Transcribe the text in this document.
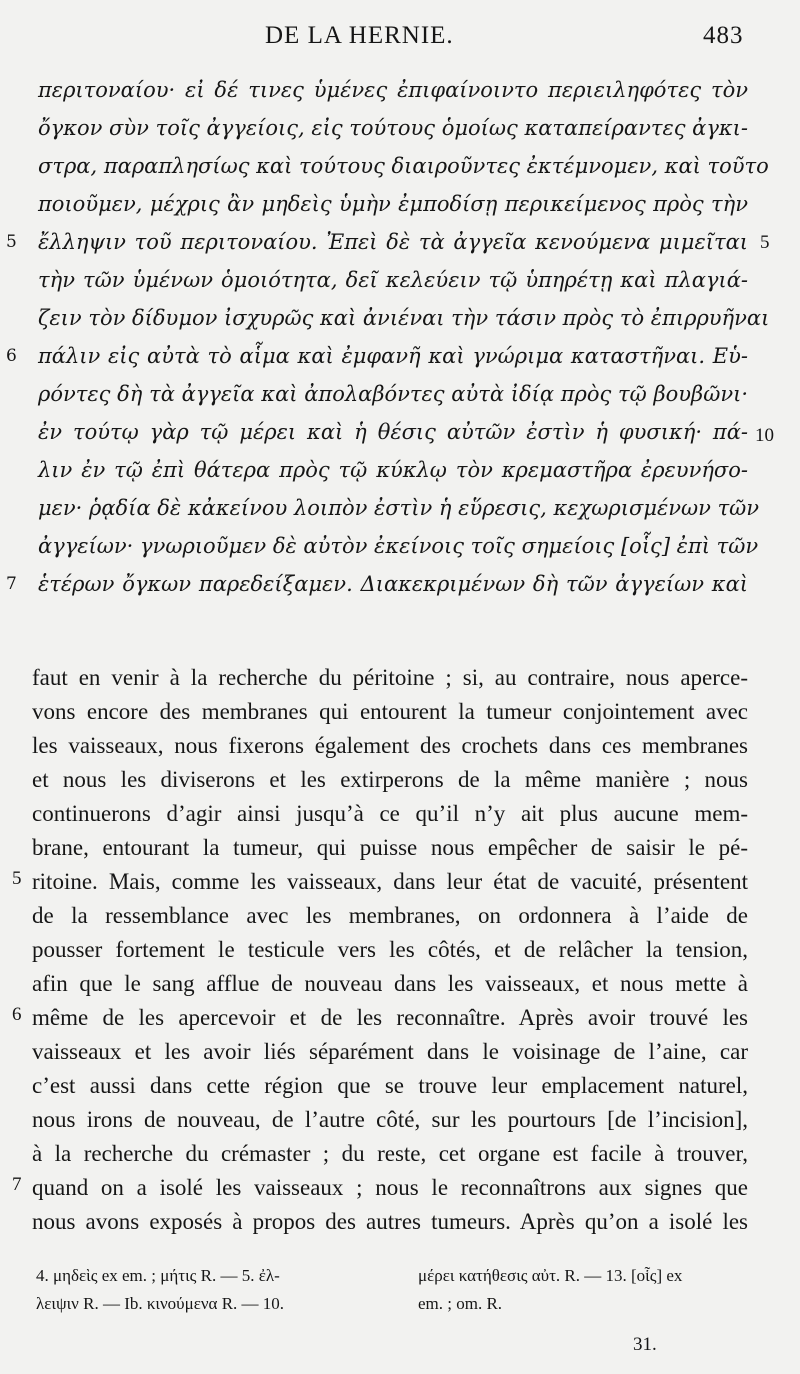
DE LA HERNIE.	483
περιτοναίου· εἰ δέ τινες ὑμένες ἐπιφαίνοιντο περιειληφότες τὸν
ὄγκον σὺν τοῖς ἀγγείοις, εἰς τούτους ὁμοίως καταπείραντες ἀγκι-
στρα, παραπλησίως καὶ τούτους διαιροῦντες ἐκτέμνομεν, καὶ τοῦτο
ποιοῦμεν, μέχρις ἂν μηδεὶς ὑμὴν ἐμποδίσῃ περικείμενος πρὸς τὴν
5 ἔλληψιν τοῦ περιτοναίου. Ἐπεὶ δὲ τὰ ἀγγεῖα κενούμενα μιμεῖται
τὴν τῶν ὑμένων ὁμοιότητα, δεῖ κελεύειν τῷ ὑπηρέτῃ καὶ πλαγιά-
ζειν τὸν δίδυμον ἰσχυρῶς καὶ ἀνιέναι τὴν τάσιν πρὸς τὸ ἐπιρρυῆναι
6 πάλιν εἰς αὐτὰ τὸ αἷμα καὶ ἐμφανῆ καὶ γνώριμα καταστῆναι. Εὑ-
ρόντες δὴ τὰ ἀγγεῖα καὶ ἀπολαβόντες αὐτὰ ἰδίᾳ πρὸς τῷ βουβῶνι·
ἐν τούτῳ γὰρ τῷ μέρει καὶ ἡ θέσις αὐτῶν ἐστὶν ἡ φυσική· πά-
λιν ἐν τῷ ἐπὶ θάτερα πρὸς τῷ κύκλῳ τὸν κρεμαστῆρα ἐρευνήσο-
μεν· ῥᾳδία δὲ κἀκείνου λοιπὸν ἐστὶν ἡ εὕρεσις, κεχωρισμένων τῶν
ἀγγείων· γνωριοῦμεν δὲ αὐτὸν ἐκείνοις τοῖς σημείοις [οἷς] ἐπὶ τῶν
7 ἑτέρων ὄγκων παρεδείξαμεν. Διακεκριμένων δὴ τῶν ἀγγείων καὶ
5
10
faut en venir à la recherche du péritoine ; si, au contraire, nous aperce-
vons encore des membranes qui entourent la tumeur conjointement avec
les vaisseaux, nous fixerons également des crochets dans ces membranes
et nous les diviserons et les extirperons de la même manière ; nous
continuerons d’agir ainsi jusqu’à ce qu’il n’y ait plus aucune mem-
brane, entourant la tumeur, qui puisse nous empêcher de saisir le pé-
ritoine. Mais, comme les vaisseaux, dans leur état de vacuité, présentent
de la ressemblance avec les membranes, on ordonnera à l’aide de
pousser fortement le testicule vers les côtés, et de relâcher la tension,
afin que le sang afflue de nouveau dans les vaisseaux, et nous mette à
même de les apercevoir et de les reconnaître. Après avoir trouvé les
vaisseaux et les avoir liés séparément dans le voisinage de l’aine, car
c’est aussi dans cette région que se trouve leur emplacement naturel,
nous irons de nouveau, de l’autre côté, sur les pourtours [de l’incision],
à la recherche du crémaster ; du reste, cet organe est facile à trouver,
quand on a isolé les vaisseaux ; nous le reconnaîtrons aux signes que
nous avons exposés à propos des autres tumeurs. Après qu’on a isolé les
5
6
7
4. μηδεὶς ex em. ; μήτις R. — 5. ἐλ-
λειψιν R. — Ib. κινούμενα R. — 10.
μέρει κατήθεσις αὐτ. R. — 13. [οἷς] ex
em. ; om. R.
31.
